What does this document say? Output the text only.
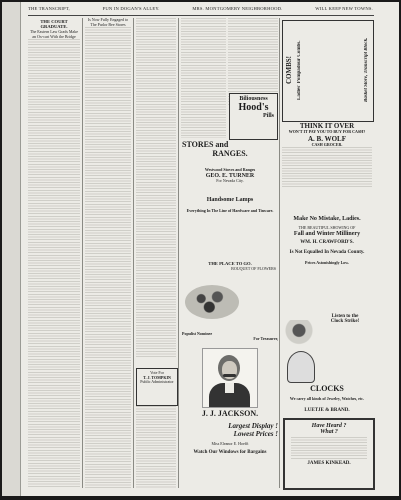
THE TRANSCRIPT,	FUN IN DOGAN'S ALLEY.	MRS. MONTGOMERY NEIGHBORHOOD.	WILL KEEP NEW TOWNS.
THE COURT GRADUATE.
The Eastern Law Grads Make an Ox-cart With the Bridge
Is Now Fully Engaged to The Parlor Bee Stores
Vote For
T. J. TOMPKIN
Public Administrator
Biliousness
Hood's
Pills
STORES and
RANGES.
Westwood Stoves and Ranges
GEO. E. TURNER
For Nevada City.
Handsome Lamps
Everything In The Line of Hardware and Tinware.
THE PLACE TO GO.
BOUQUET OF FLOWERS
Populist Nominee
For Treasurer,
J. J. JACKSON.
Largest Display !
Lowest Prices !
Miss Eleanor E. Hoefft
Watch Our Windows for Bargains
COMBS! Ladies' Pompadour Combs.	Basket Store, Transcript Block.
THINK IT OVER
WON'T IT PAY YOU TO BUY FOR CASH?
A. B. WOLF
CASH GROCER.
Make No Mistake, Ladies.
THE BEAUTIFUL SHOWING OF
Fall and Winter Millinery
WM. H. CRAWFORD'S.
Is Not Equalled In Nevada County.
Prices Astonishingly Low.
Listen to the
Clock Strike!
CLOCKS
We carry all kinds of Jewelry, Watches, etc.
LUETJE & BRAND.
Have Heard ?
What ?
JAMES KINKEAD.
